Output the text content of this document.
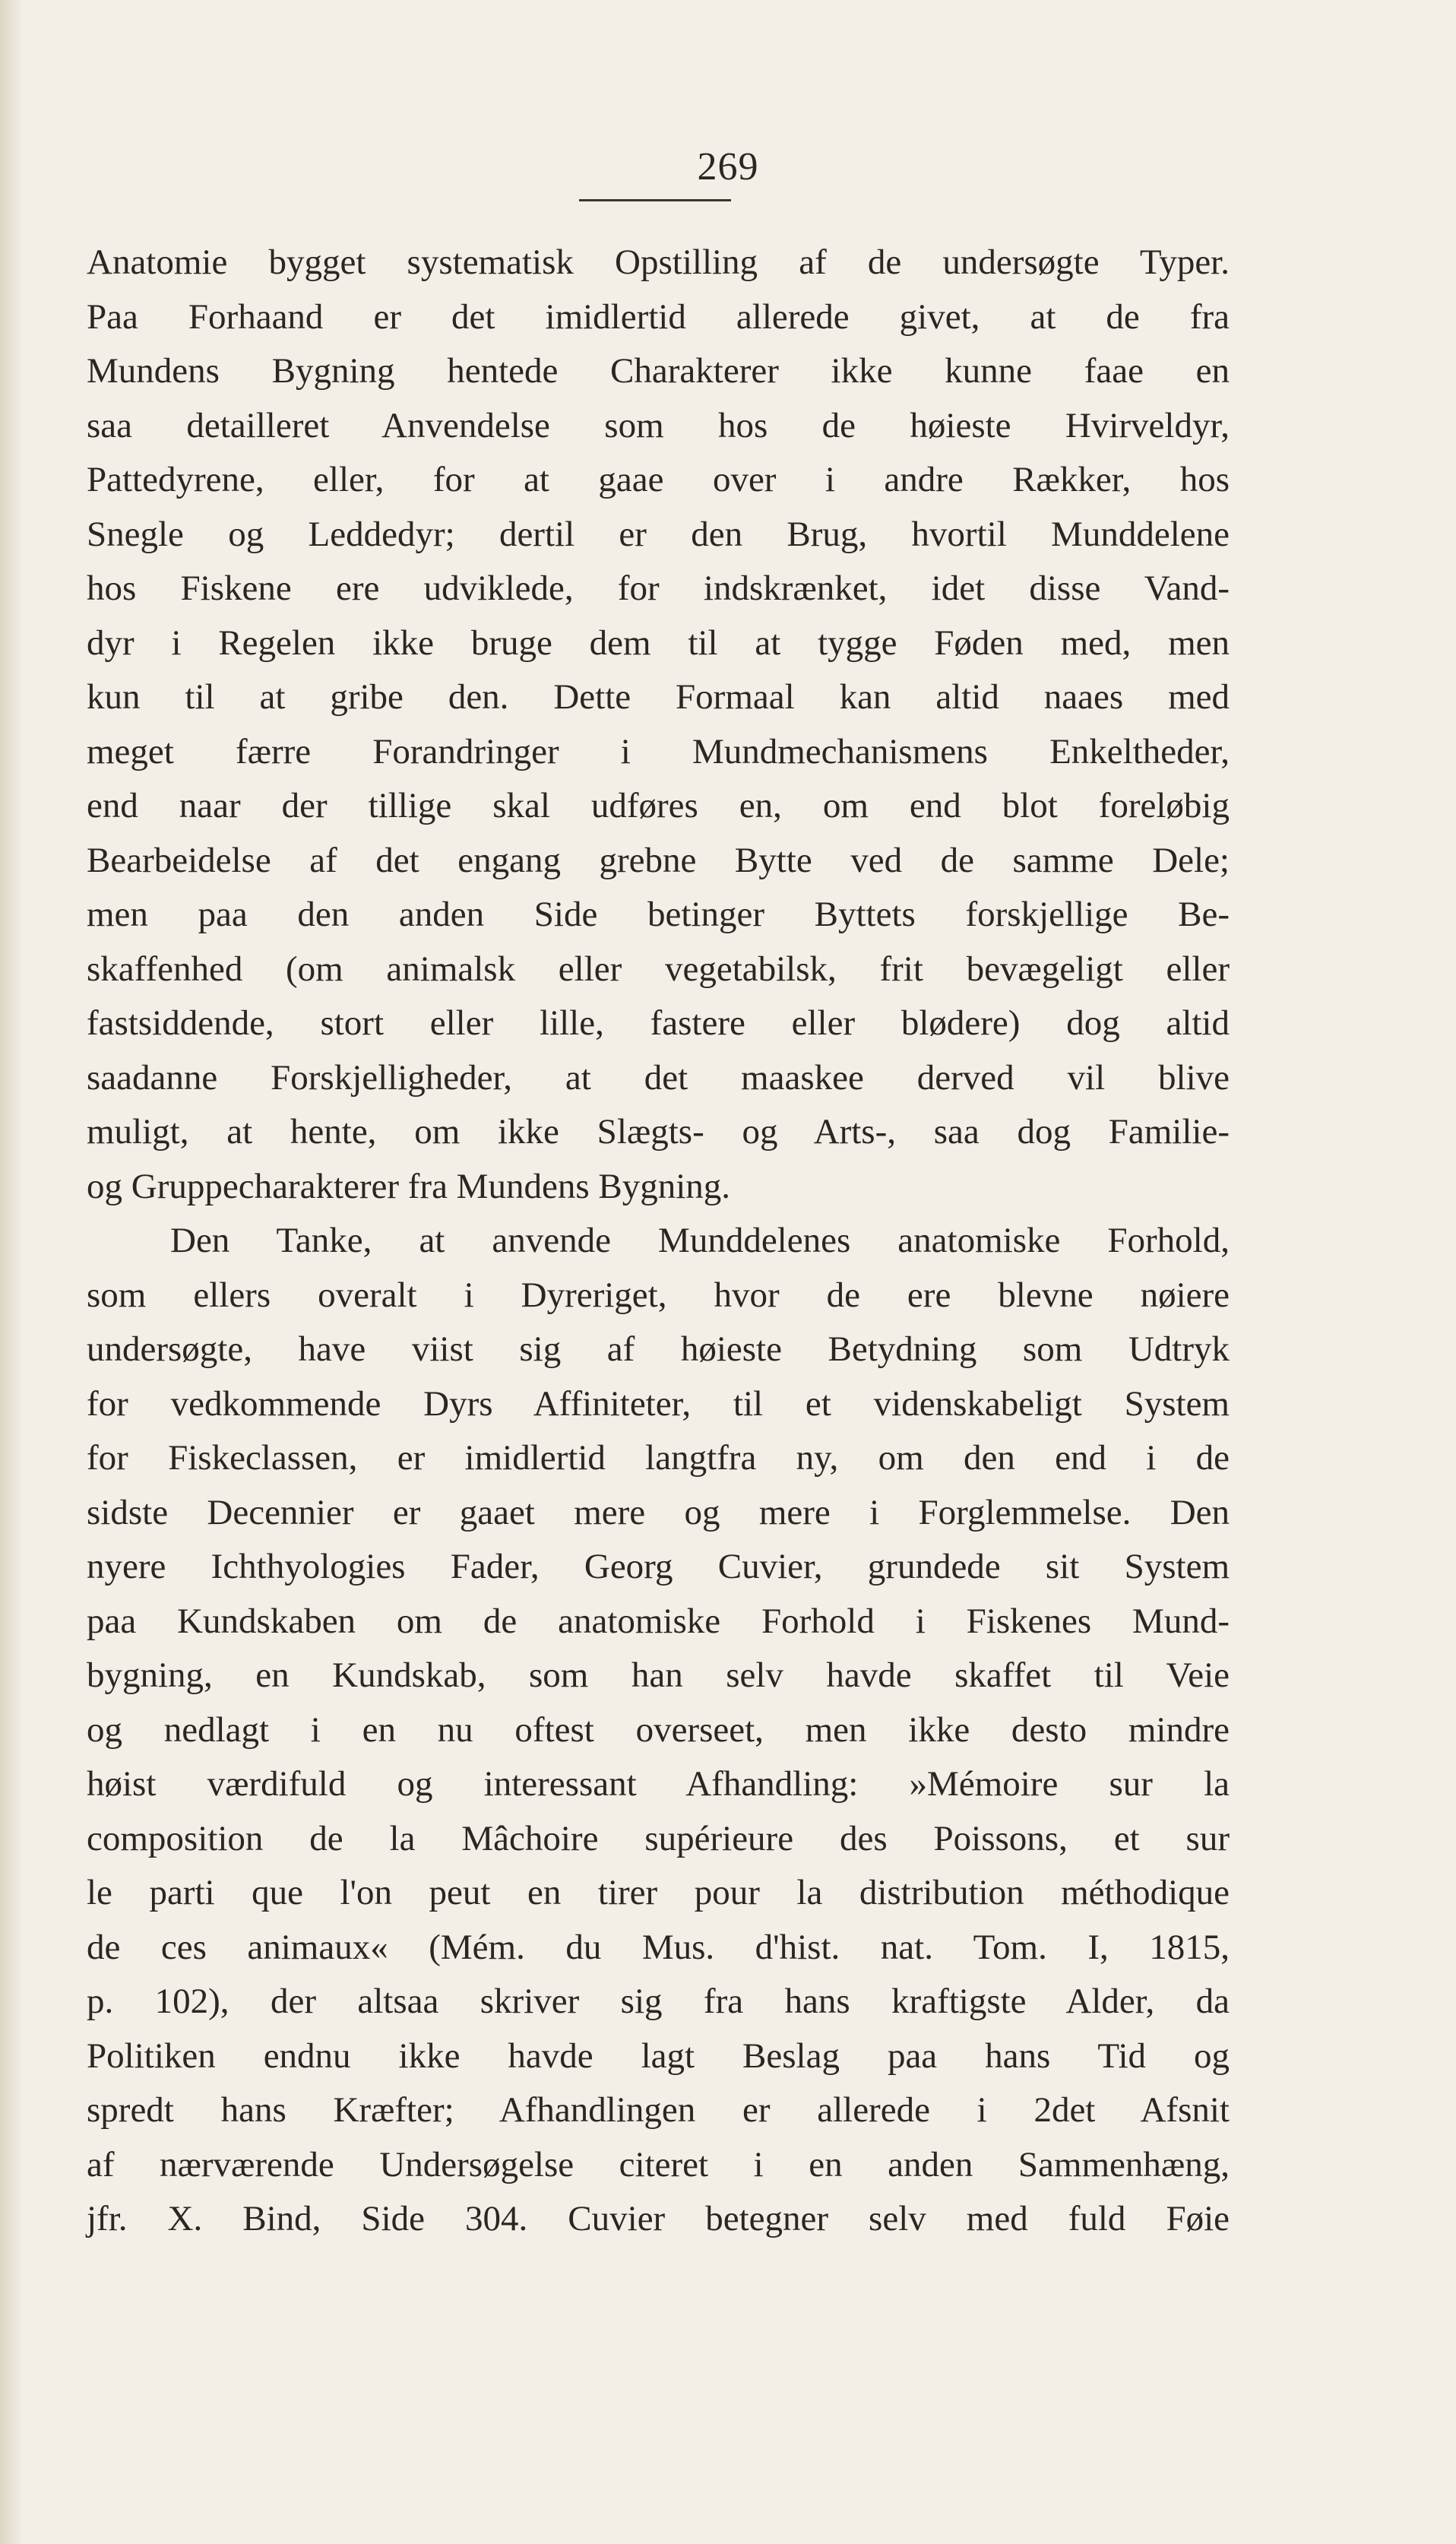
269
Anatomie bygget systematisk Opstilling af de undersøgte Typer.
Paa Forhaand er det imidlertid allerede givet, at de fra
Mundens Bygning hentede Charakterer ikke kunne faae en
saa detailleret Anvendelse som hos de høieste Hvirveldyr,
Pattedyrene, eller, for at gaae over i andre Rækker, hos
Snegle og Leddedyr; dertil er den Brug, hvortil Munddelene
hos Fiskene ere udviklede, for indskrænket, idet disse Vand-
dyr i Regelen ikke bruge dem til at tygge Føden med, men
kun til at gribe den. Dette Formaal kan altid naaes med
meget færre Forandringer i Mundmechanismens Enkeltheder,
end naar der tillige skal udføres en, om end blot foreløbig
Bearbeidelse af det engang grebne Bytte ved de samme Dele;
men paa den anden Side betinger Byttets forskjellige Be-
skaffenhed (om animalsk eller vegetabilsk, frit bevægeligt eller
fastsiddende, stort eller lille, fastere eller blødere) dog altid
saadanne Forskjelligheder, at det maaskee derved vil blive
muligt, at hente, om ikke Slægts- og Arts-, saa dog Familie-
og Gruppecharakterer fra Mundens Bygning.
Den Tanke, at anvende Munddelenes anatomiske Forhold,
som ellers overalt i Dyreriget, hvor de ere blevne nøiere
undersøgte, have viist sig af høieste Betydning som Udtryk
for vedkommende Dyrs Affiniteter, til et videnskabeligt System
for Fiskeclassen, er imidlertid langtfra ny, om den end i de
sidste Decennier er gaaet mere og mere i Forglemmelse. Den
nyere Ichthyologies Fader, Georg Cuvier, grundede sit System
paa Kundskaben om de anatomiske Forhold i Fiskenes Mund-
bygning, en Kundskab, som han selv havde skaffet til Veie
og nedlagt i en nu oftest overseet, men ikke desto mindre
høist værdifuld og interessant Afhandling: »Mémoire sur la
composition de la Mâchoire supérieure des Poissons, et sur
le parti que l'on peut en tirer pour la distribution méthodique
de ces animaux« (Mém. du Mus. d'hist. nat. Tom. I, 1815,
p. 102), der altsaa skriver sig fra hans kraftigste Alder, da
Politiken endnu ikke havde lagt Beslag paa hans Tid og
spredt hans Kræfter; Afhandlingen er allerede i 2det Afsnit
af nærværende Undersøgelse citeret i en anden Sammenhæng,
jfr. X. Bind, Side 304. Cuvier betegner selv med fuld Føie
